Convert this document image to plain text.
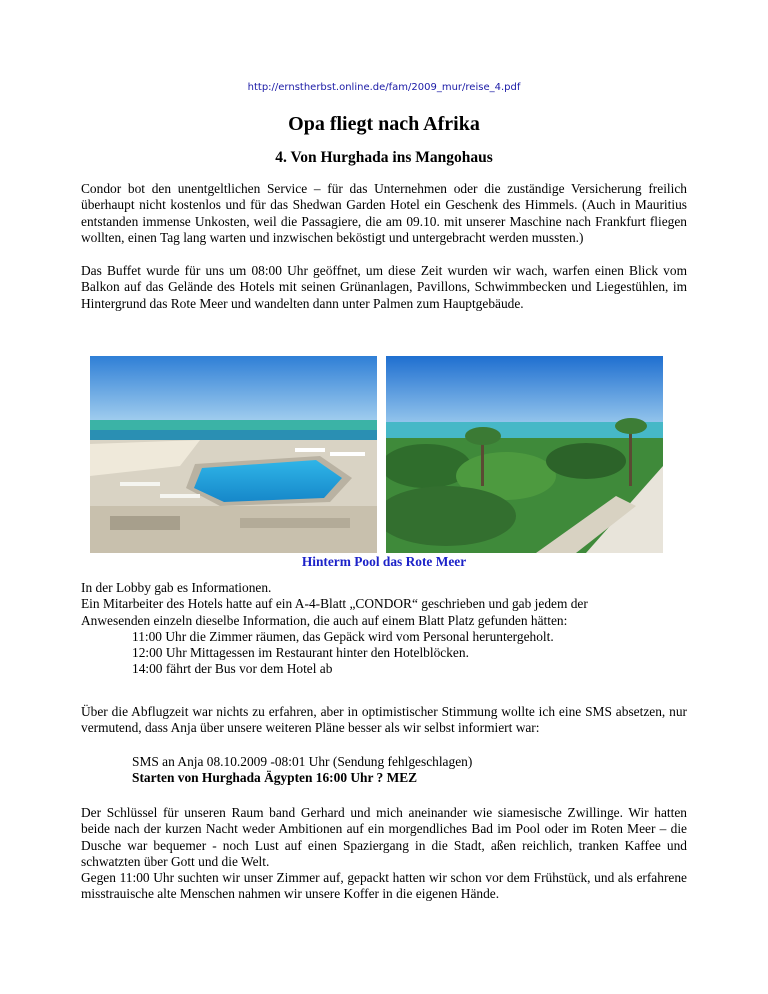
http://ernstherbst.online.de/fam/2009_mur/reise_4.pdf
Opa fliegt nach Afrika
4. Von Hurghada ins Mangohaus

Condor bot den unentgeltlichen Service – für das Unternehmen oder die zuständige Versicherung freilich überhaupt nicht kostenlos und für das Shedwan Garden Hotel ein Geschenk des Himmels. (Auch in Mauritius entstanden immense Unkosten, weil die Passagiere, die am 09.10. mit unserer Maschine nach Frankfurt fliegen wollten, einen Tag lang warten und inzwischen beköstigt und untergebracht werden mussten.)

Das Buffet wurde für uns um 08:00 Uhr geöffnet, um diese Zeit wurden wir wach, warfen einen Blick vom Balkon auf das Gelände des Hotels mit seinen Grünanlagen, Pavillons, Schwimmbecken und Liegestühlen, im Hintergrund das Rote Meer und wandelten dann unter Palmen zum Hauptgebäude.

Hinterm Pool das Rote Meer
In der Lobby gab es Informationen.
Ein Mitarbeiter des Hotels hatte auf ein A-4-Blatt „CONDOR“ geschrieben und gab jedem der
Anwesenden einzeln dieselbe Information, die auch auf einem Blatt Platz gefunden hätten:
11:00 Uhr die Zimmer räumen, das Gepäck wird vom Personal heruntergeholt.
12:00 Uhr Mittagessen im Restaurant hinter den Hotelblöcken.
14:00 fährt der Bus vor dem Hotel ab

Über die Abflugzeit war nichts zu erfahren, aber in optimistischer Stimmung wollte ich eine SMS absetzen, nur vermutend, dass Anja über unsere weiteren Pläne besser als wir selbst informiert war:

SMS an Anja 08.10.2009 -08:01 Uhr (Sendung fehlgeschlagen)
Starten von Hurghada Ägypten 16:00 Uhr ? MEZ
Der Schlüssel für unseren Raum band Gerhard und mich aneinander wie siamesische Zwillinge. Wir hatten beide nach der kurzen Nacht weder Ambitionen auf ein morgendliches Bad im Pool oder im Roten Meer – die Dusche war bequemer - noch Lust auf einen Spaziergang in die Stadt, aßen reichlich, tranken Kaffee und schwatzten über Gott und die Welt.
Gegen 11:00 Uhr suchten wir unser Zimmer auf, gepackt hatten wir schon vor dem Frühstück, und als erfahrene misstrauische alte Menschen nahmen wir unsere Koffer in die eigenen Hände.
